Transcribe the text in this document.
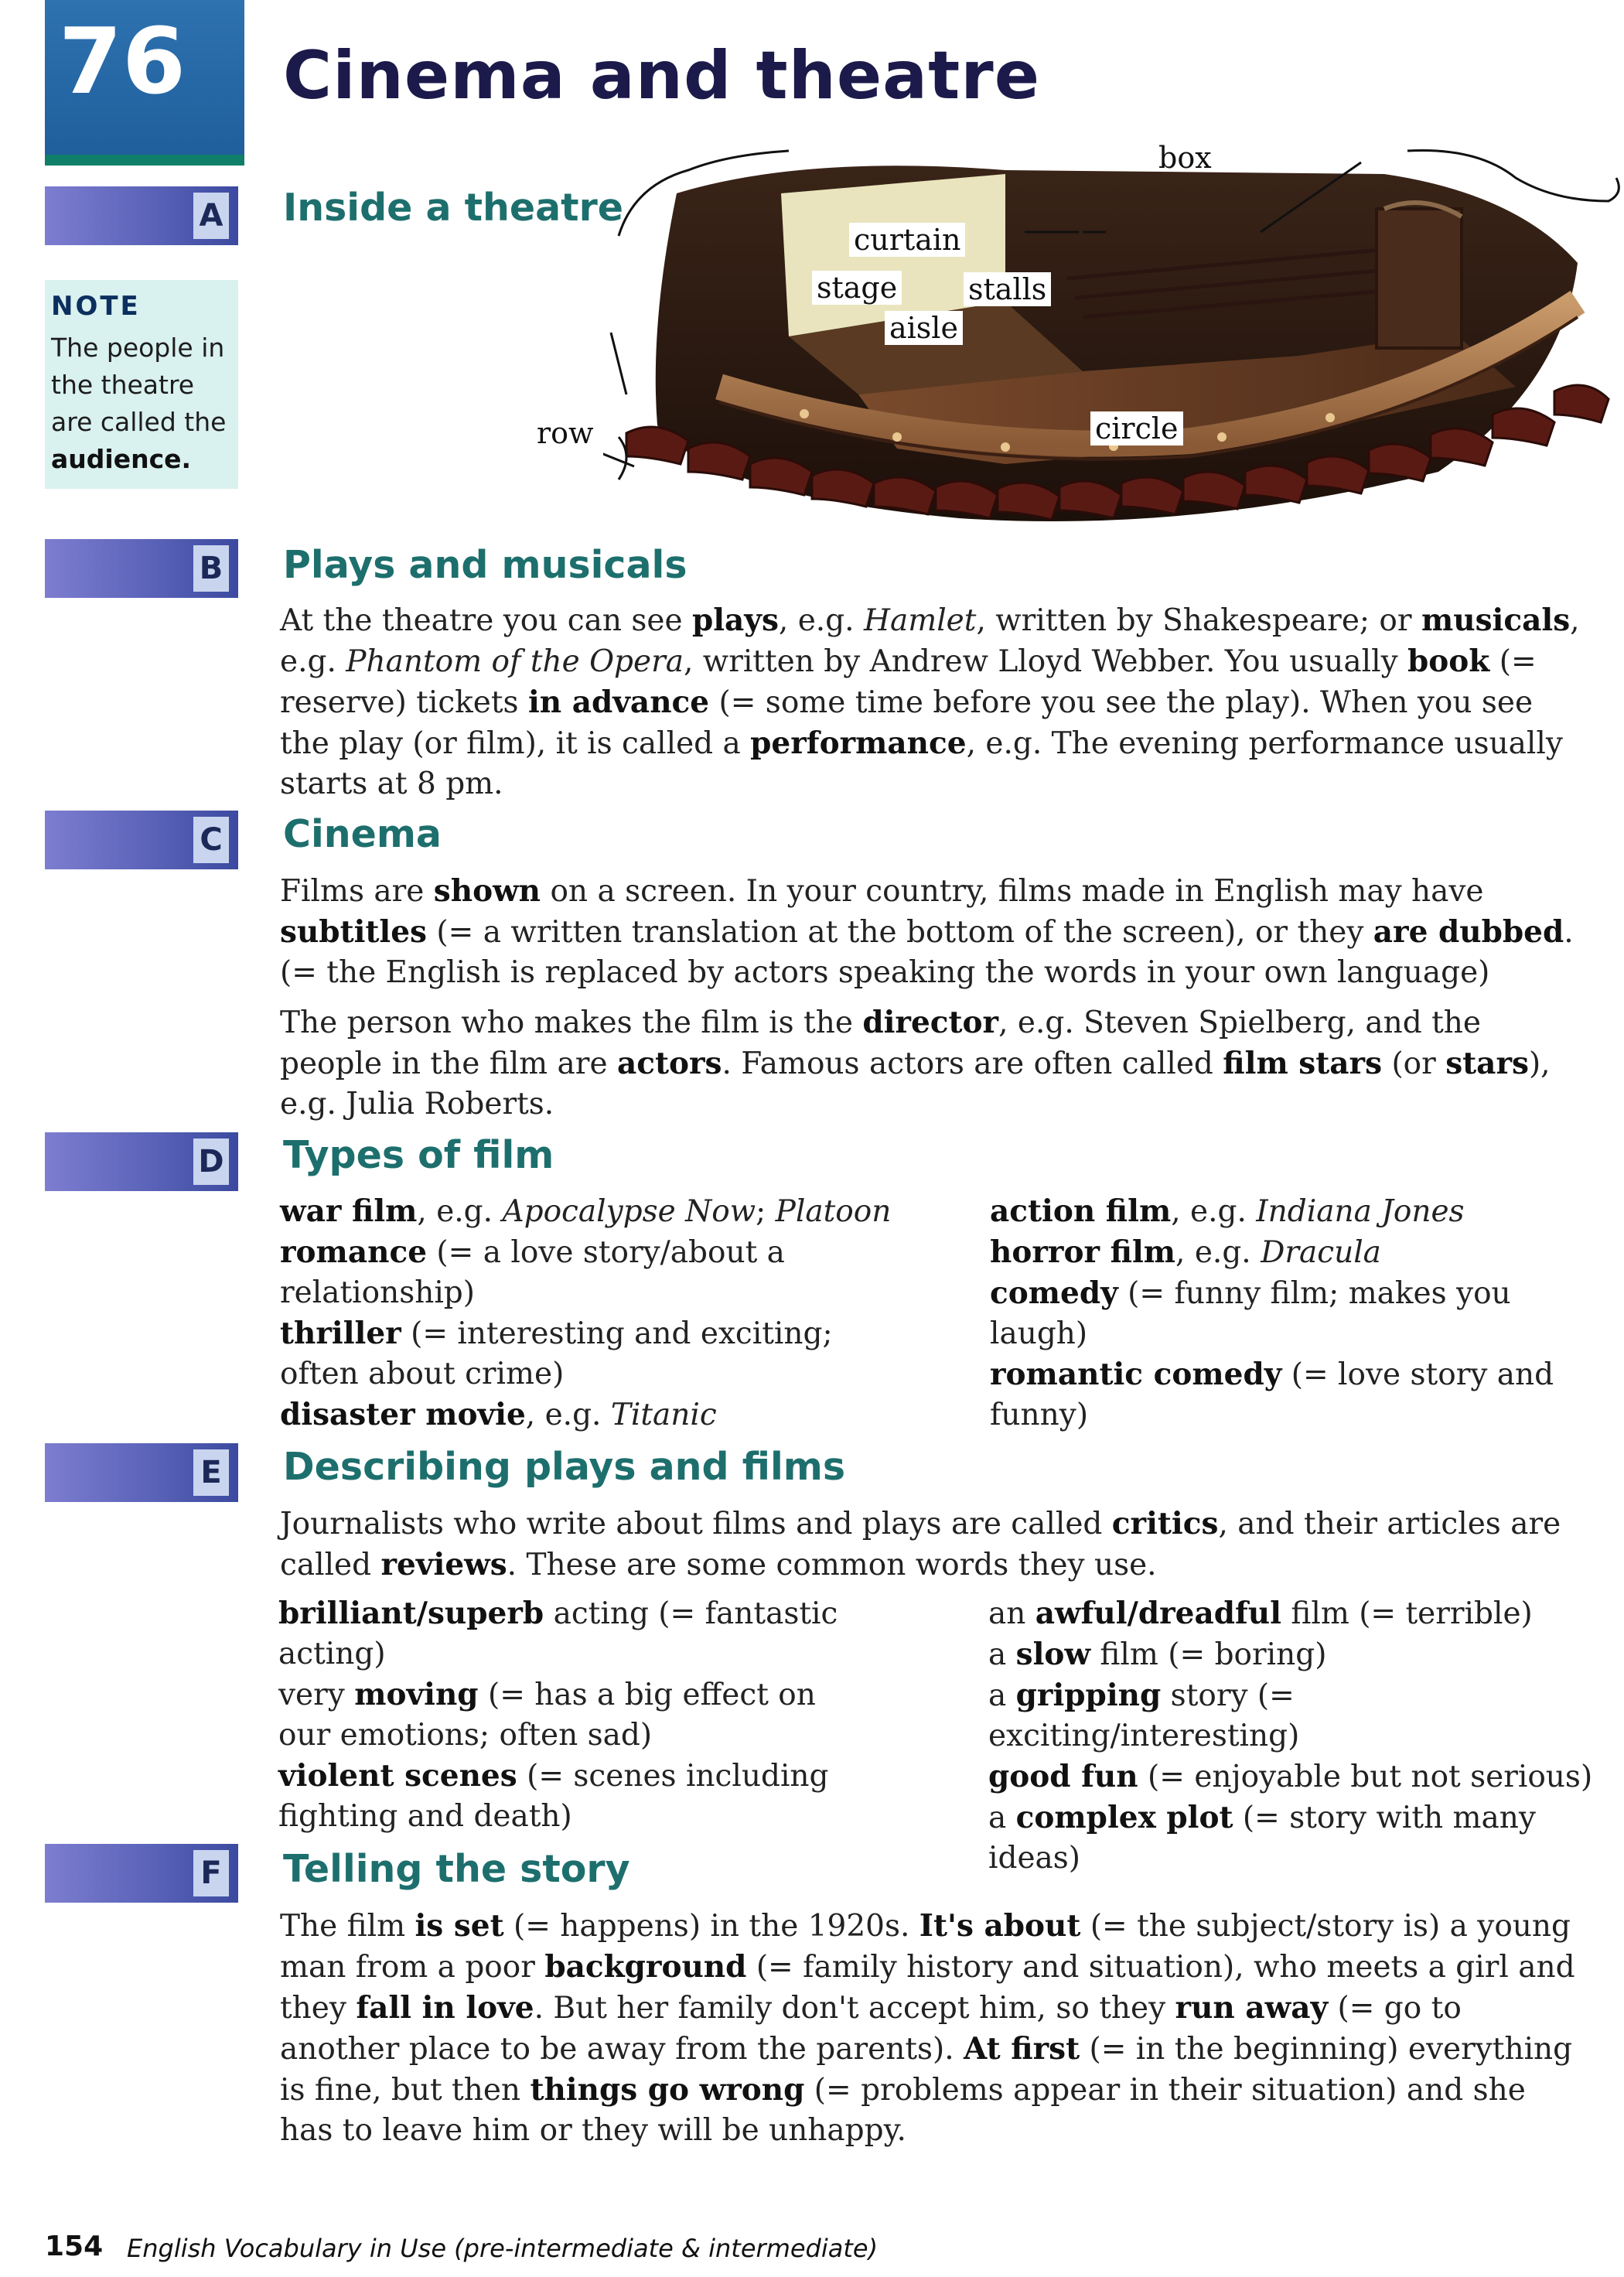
76 Cinema and theatre
A Inside a theatre
NOTE
The people in the theatre are called the audience.
box
curtain
stage stalls
aisle
row	circle
B Plays and musicals

At the theatre you can see plays, e.g. Hamlet, written by Shakespeare; or musicals, e.g. Phantom of the Opera, written by Andrew Lloyd Webber. You usually book (= reserve) tickets in advance (= some time before you see the play). When you see the play (or film), it is called a performance, e.g. The evening performance usually starts at 8 pm.

C Cinema

Films are shown on a screen. In your country, films made in English may have subtitles (= a written translation at the bottom of the screen), or they are dubbed. (= the English is replaced by actors speaking the words in your own language)

The person who makes the film is the director, e.g. Steven Spielberg, and the people in the film are actors. Famous actors are often called film stars (or stars), e.g. Julia Roberts.

D Types of film
war film, e.g. Apocalypse Now; Platoon
romance (= a love story/about a relationship)
thriller (= interesting and exciting; often about crime)
disaster movie, e.g. Titanic
action film, e.g. Indiana Jones
horror film, e.g. Dracula
comedy (= funny film; makes you laugh)
romantic comedy (= love story and funny)
E Describing plays and films

Journalists who write about films and plays are called critics, and their articles are called reviews. These are some common words they use.

brilliant/superb acting (= fantastic acting)
very moving (= has a big effect on our emotions; often sad)
violent scenes (= scenes including fighting and death)
an awful/dreadful film (= terrible)
a slow film (= boring)
a gripping story (= exciting/interesting)
good fun (= enjoyable but not serious)
a complex plot (= story with many ideas)
F Telling the story

The film is set (= happens) in the 1920s. It's about (= the subject/story is) a young man from a poor background (= family history and situation), who meets a girl and they fall in love. But her family don't accept him, so they run away (= go to another place to be away from the parents). At first (= in the beginning) everything is fine, but then things go wrong (= problems appear in their situation) and she has to leave him or they will be unhappy.

154 English Vocabulary in Use (pre-intermediate & intermediate)
